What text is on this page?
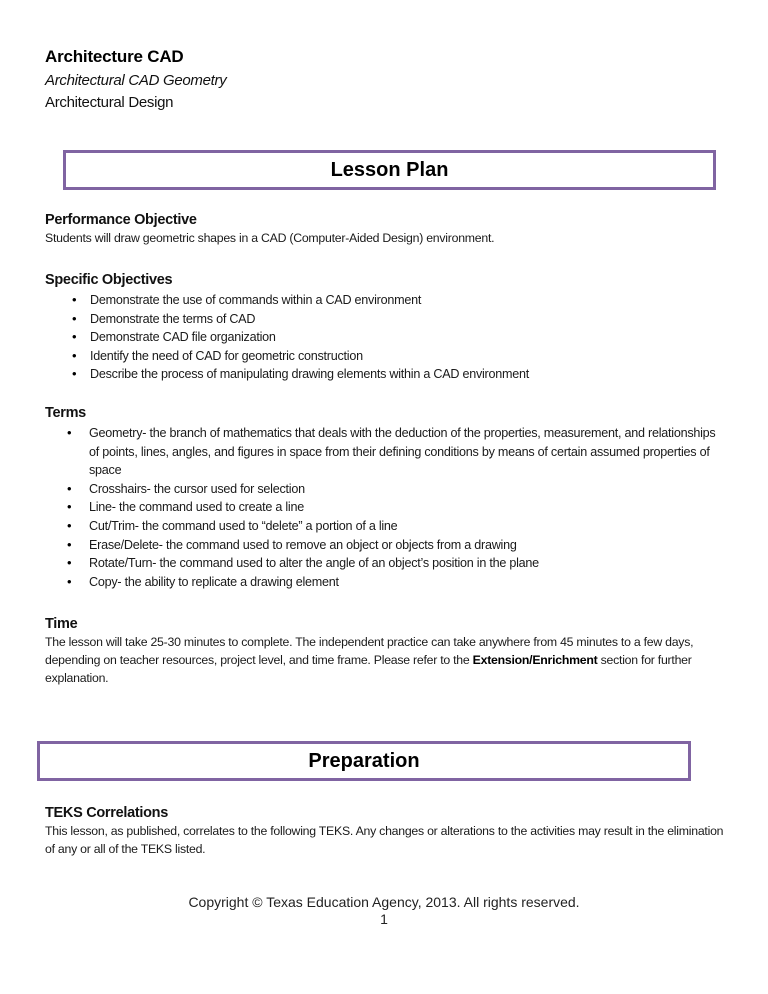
Architecture CAD
Architectural CAD Geometry
Architectural Design
Lesson Plan
Performance Objective
Students will draw geometric shapes in a CAD (Computer-Aided Design) environment.
Specific Objectives
• Demonstrate the use of commands within a CAD environment
• Demonstrate the terms of CAD
• Demonstrate CAD file organization
• Identify the need of CAD for geometric construction
• Describe the process of manipulating drawing elements within a CAD environment
Terms
• Geometry- the branch of mathematics that deals with the deduction of the properties, measurement, and relationships of points, lines, angles, and figures in space from their defining conditions by means of certain assumed properties of space
• Crosshairs- the cursor used for selection
• Line- the command used to create a line
• Cut/Trim- the command used to “delete” a portion of a line
• Erase/Delete- the command used to remove an object or objects from a drawing
• Rotate/Turn- the command used to alter the angle of an object’s position in the plane
• Copy- the ability to replicate a drawing element
Time
The lesson will take 25-30 minutes to complete. The independent practice can take anywhere from 45 minutes to a few days, depending on teacher resources, project level, and time frame. Please refer to the Extension/Enrichment section for further explanation.
Preparation
TEKS Correlations
This lesson, as published, correlates to the following TEKS. Any changes or alterations to the activities may result in the elimination of any or all of the TEKS listed.
Copyright © Texas Education Agency, 2013. All rights reserved.
1
